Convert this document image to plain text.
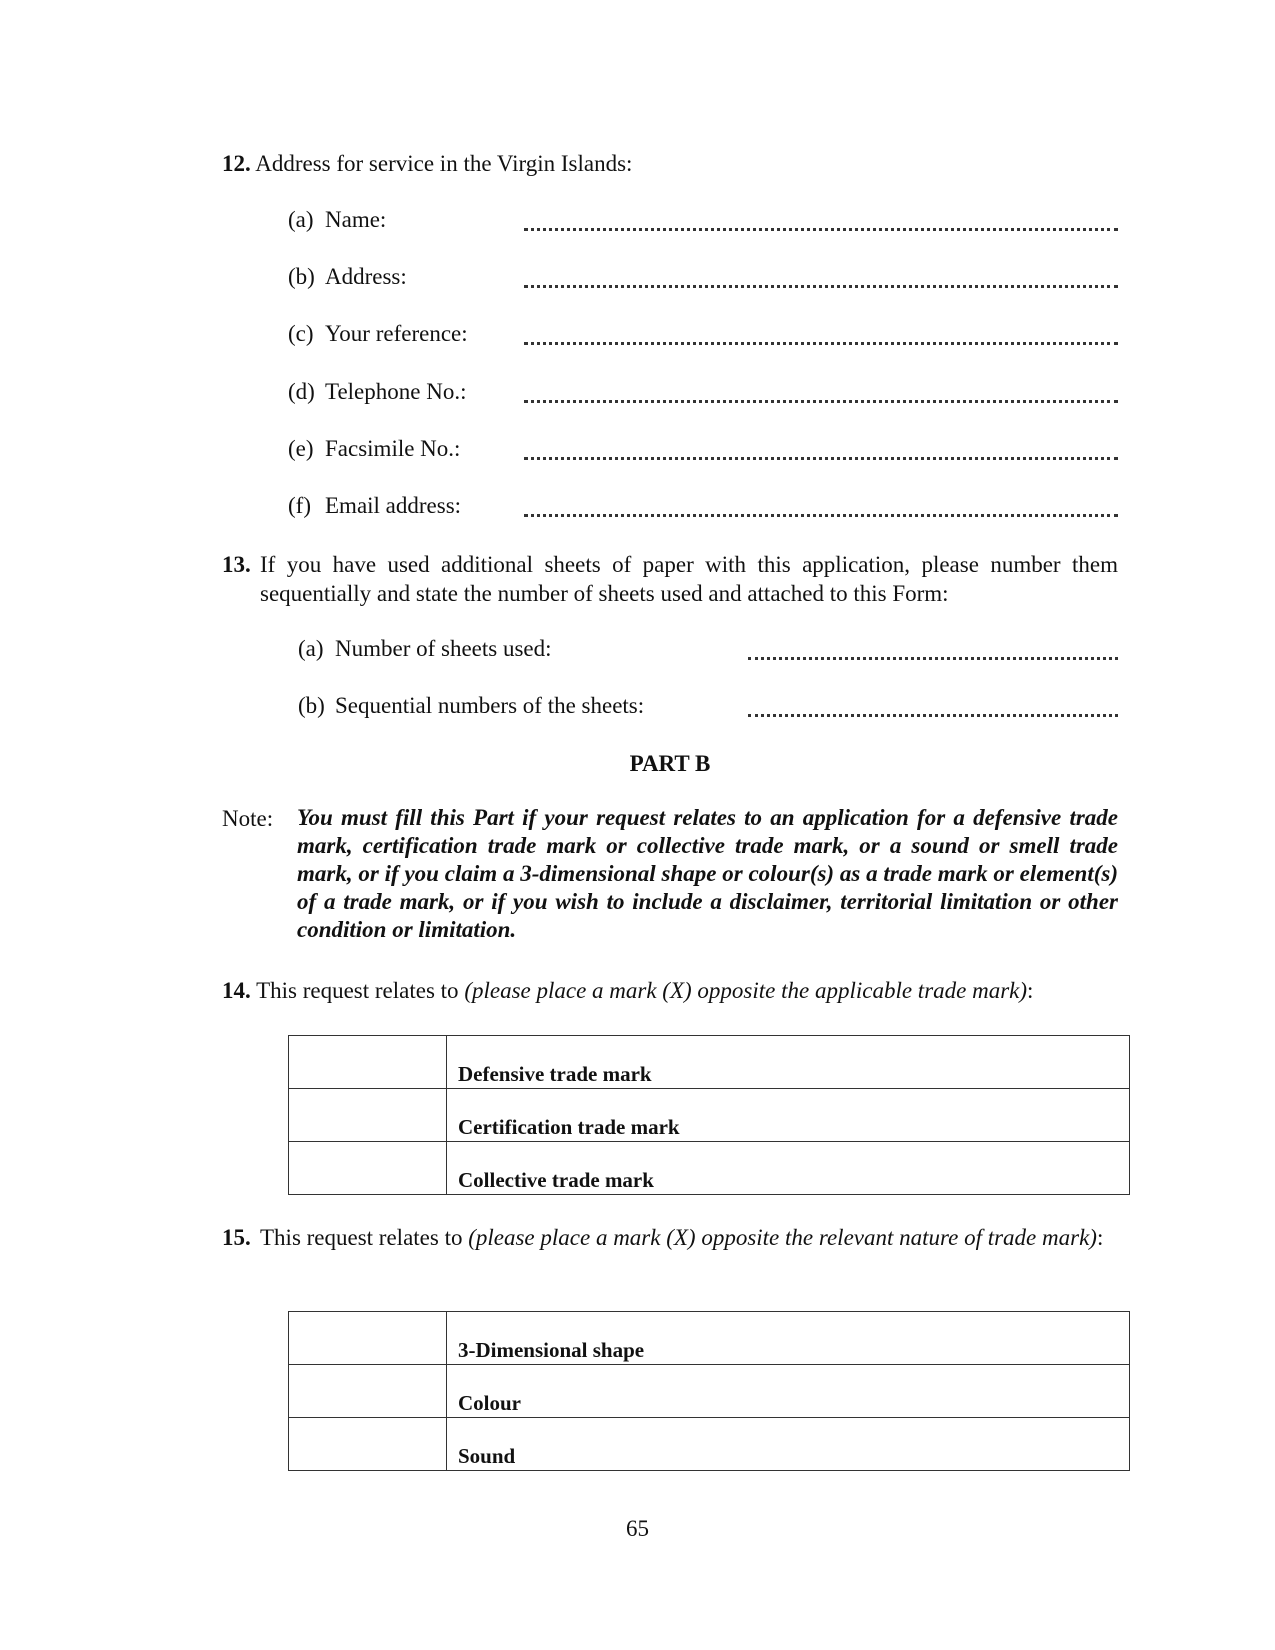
12. Address for service in the Virgin Islands:
(a) Name:
(b) Address:
(c) Your reference:
(d) Telephone No.:
(e) Facsimile No.:
(f) Email address:
13. If you have used additional sheets of paper with this application, please number them sequentially and state the number of sheets used and attached to this Form:
(a) Number of sheets used:
(b) Sequential numbers of the sheets:
PART B
Note: You must fill this Part if your request relates to an application for a defensive trade mark, certification trade mark or collective trade mark, or a sound or smell trade mark, or if you claim a 3-dimensional shape or colour(s) as a trade mark or element(s) of a trade mark, or if you wish to include a disclaimer, territorial limitation or other condition or limitation.
14. This request relates to (please place a mark (X) opposite the applicable trade mark):
	Defensive trade mark
	Certification trade mark
	Collective trade mark
15. This request relates to (please place a mark (X) opposite the relevant nature of trade mark):
	3-Dimensional shape
	Colour
	Sound
65
